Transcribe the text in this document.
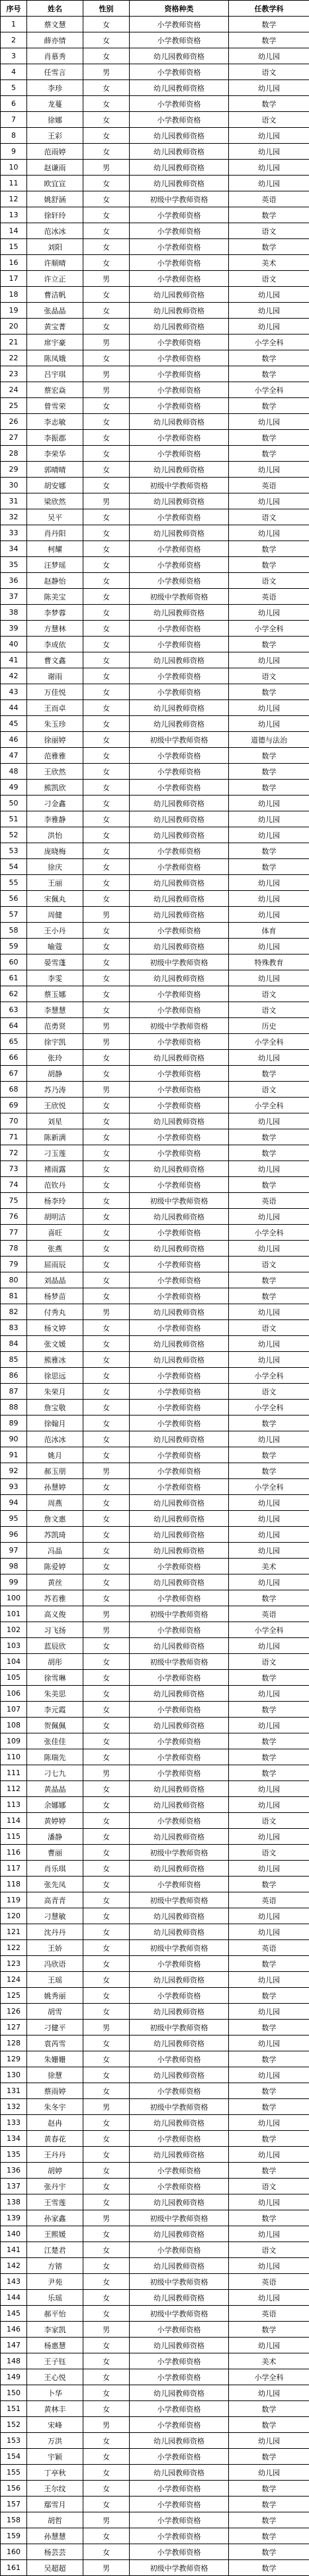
序号	姓名	性别	资格种类	任教学科
1	蔡文慧	女	小学教师资格	数学
2	薛亦情	女	小学教师资格	数学
3	肖慕秀	女	幼儿园教师资格	幼儿园
4	任雪言	男	小学教师资格	语文
5	李珍	女	幼儿园教师资格	幼儿园
6	龙蔓	女	小学教师资格	数学
7	徐娜	女	小学教师资格	语文
8	王彩	女	幼儿园教师资格	幼儿园
9	范雨婷	女	幼儿园教师资格	幼儿园
10	赵谦雨	男	幼儿园教师资格	幼儿园
11	欧宜宣	女	幼儿园教师资格	幼儿园
12	姚舒涵	女	初级中学教师资格	英语
13	徐轩玲	女	小学教师资格	数学
14	范冰冰	女	小学教师资格	语文
15	刘阳	女	小学教师资格	数学
16	许顺晴	女	小学教师资格	美术
17	许立正	男	小学教师资格	语文
18	曹洁帆	女	幼儿园教师资格	幼儿园
19	张晶晶	女	幼儿园教师资格	幼儿园
20	黄宝菁	女	幼儿园教师资格	幼儿园
21	席宇豪	男	小学教师资格	小学全科
22	陈凤娥	女	小学教师资格	数学
23	吕宇琪	男	小学教师资格	数学
24	蔡宏焱	男	小学教师资格	小学全科
25	曾雪荣	女	小学教师资格	数学
26	李志敏	女	幼儿园教师资格	幼儿园
27	李振郡	女	小学教师资格	数学
28	李荣华	女	小学教师资格	数学
29	郭晴晴	女	幼儿园教师资格	幼儿园
30	胡安娜	女	初级中学教师资格	英语
31	梁欣然	男	幼儿园教师资格	幼儿园
32	吴平	女	小学教师资格	语文
33	肖丹阳	女	幼儿园教师资格	幼儿园
34	柯耀	女	小学教师资格	数学
35	汪梦瑶	女	小学教师资格	数学
36	赵静怡	女	小学教师资格	语文
37	陈美宝	女	初级中学教师资格	英语
38	李梦蓉	女	幼儿园教师资格	幼儿园
39	方慧林	女	小学教师资格	小学全科
40	李成依	女	小学教师资格	数学
41	曹文鑫	女	幼儿园教师资格	幼儿园
42	谢雨	女	小学教师资格	语文
43	万佳悦	女	小学教师资格	数学
44	王而卓	女	幼儿园教师资格	幼儿园
45	朱玉珍	女	幼儿园教师资格	幼儿园
46	徐丽婷	女	初级中学教师资格	道德与法治
47	范雅雅	女	小学教师资格	数学
48	王欣然	女	小学教师资格	数学
49	熊凯欣	女	小学教师资格	数学
50	刁金鑫	女	幼儿园教师资格	幼儿园
51	李雅静	女	幼儿园教师资格	幼儿园
52	洪怡	女	幼儿园教师资格	幼儿园
53	庞晓梅	女	小学教师资格	数学
54	徐庆	女	小学教师资格	数学
55	王丽	女	幼儿园教师资格	幼儿园
56	宋佩丸	女	幼儿园教师资格	幼儿园
57	周健	男	幼儿园教师资格	幼儿园
58	王小丹	女	小学教师资格	体育
59	喻蔻	女	幼儿园教师资格	幼儿园
60	晏雪蓬	女	初级中学教师资格	特殊教育
61	李雯	女	幼儿园教师资格	幼儿园
62	蔡玉娜	女	小学教师资格	语文
63	李慧慧	女	小学教师资格	语文
64	范勇贤	男	初级中学教师资格	历史
65	徐宇凯	男	小学教师资格	小学全科
66	张玲	女	幼儿园教师资格	幼儿园
67	胡静	女	小学教师资格	数学
68	苏乃涛	男	小学教师资格	语文
69	王欣悦	女	小学教师资格	小学全科
70	刘星	女	幼儿园教师资格	幼儿园
71	陈新满	女	小学教师资格	数学
72	刁玉莲	女	小学教师资格	数学
73	褚雨露	女	幼儿园教师资格	幼儿园
74	范钦丹	女	小学教师资格	数学
75	杨李玲	女	初级中学教师资格	英语
76	胡明洁	女	幼儿园教师资格	幼儿园
77	喜旺	女	小学教师资格	小学全科
78	张燕	女	幼儿园教师资格	幼儿园
79	屈雨辰	女	小学教师资格	语文
80	刘晶晶	女	小学教师资格	数学
81	杨梦苗	女	小学教师资格	数学
82	付秀丸	男	幼儿园教师资格	幼儿园
83	杨文婷	女	小学教师资格	语文
84	张文媛	女	幼儿园教师资格	幼儿园
85	熊雅冰	女	幼儿园教师资格	幼儿园
86	徐思远	女	小学教师资格	小学全科
87	朱荣月	女	小学教师资格	语文
88	詹宝敬	女	小学教师资格	小学全科
89	徐翰月	女	小学教师资格	数学
90	范冰冰	女	幼儿园教师资格	幼儿园
91	姚月	女	小学教师资格	数学
92	郝玉朋	男	小学教师资格	数学
93	孙慧婷	女	小学教师资格	小学全科
94	周燕	女	幼儿园教师资格	幼儿园
95	詹文惠	女	幼儿园教师资格	幼儿园
96	苏凯琦	女	幼儿园教师资格	幼儿园
97	冯晶	女	幼儿园教师资格	幼儿园
98	陈爱婷	女	小学教师资格	美术
99	黄丝	女	幼儿园教师资格	幼儿园
100	苏若雅	女	小学教师资格	数学
101	高义俊	男	初级中学教师资格	英语
102	习飞扬	男	小学教师资格	小学全科
103	蓝辰欣	女	幼儿园教师资格	幼儿园
104	胡彤	女	初级中学教师资格	语文
105	徐雪琳	女	小学教师资格	数学
106	朱美思	女	幼儿园教师资格	幼儿园
107	李元霞	女	小学教师资格	数学
108	贺佩佩	女	幼儿园教师资格	幼儿园
109	张佳佳	女	小学教师资格	数学
110	陈瑞先	女	小学教师资格	数学
111	刁七九	男	小学教师资格	数学
112	黄晶晶	女	幼儿园教师资格	幼儿园
113	余娜娜	女	幼儿园教师资格	幼儿园
114	黄婷婷	女	小学教师资格	语文
115	潘静	女	幼儿园教师资格	幼儿园
116	曹丽	女	初级中学教师资格	语文
117	肖乐琪	女	幼儿园教师资格	幼儿园
118	张先凤	女	小学教师资格	数学
119	高青青	女	初级中学教师资格	英语
120	刁慧敏	女	幼儿园教师资格	幼儿园
121	沈丹丹	女	幼儿园教师资格	幼儿园
122	王娇	女	初级中学教师资格	英语
123	冯欣语	女	小学教师资格	数学
124	王瑶	女	幼儿园教师资格	幼儿园
125	姚秀丽	女	小学教师资格	数学
126	胡雪	女	幼儿园教师资格	幼儿园
127	刁健平	男	初级中学教师资格	数学
128	袁芮雪	女	幼儿园教师资格	幼儿园
129	朱姗姗	女	小学教师资格	数学
130	徐慧	女	幼儿园教师资格	幼儿园
131	蔡雨婷	女	小学教师资格	数学
132	朱冬宇	男	初级中学教师资格	数学
133	赵冉	女	幼儿园教师资格	幼儿园
134	黄春花	女	小学教师资格	数学
135	王丹丹	女	幼儿园教师资格	幼儿园
136	胡婷	女	小学教师资格	数学
137	张丹宇	女	小学教师资格	语文
138	王雪莲	女	幼儿园教师资格	幼儿园
139	孙家鑫	男	初级中学教师资格	数学
140	王熙媛	女	幼儿园教师资格	幼儿园
141	江楚君	女	小学教师资格	语文
142	方镕	女	幼儿园教师资格	幼儿园
143	尹苑	女	初级中学教师资格	英语
144	乐瑶	女	幼儿园教师资格	幼儿园
145	郝平怡	女	初级中学教师资格	英语
146	李家凯	男	小学教师资格	数学
147	杨惠慧	女	幼儿园教师资格	幼儿园
148	王子钰	女	小学教师资格	美术
149	王心悦	女	小学教师资格	小学全科
150	卜华	女	幼儿园教师资格	幼儿园
151	黄林丰	女	小学教师资格	数学
152	宋峰	男	小学教师资格	数学
153	万洪	女	幼儿园教师资格	幼儿园
154	宇颖	女	小学教师资格	数学
155	丁亭秋	女	幼儿园教师资格	幼儿园
156	王尔纹	女	小学教师资格	数学
157	鄢雪月	女	小学教师资格	数学
158	胡哲	男	小学教师资格	数学
159	孙慧慧	女	小学教师资格	数学
160	杨芸芸	女	小学教师资格	数学
161	吴超超	男	初级中学教师资格	数学
